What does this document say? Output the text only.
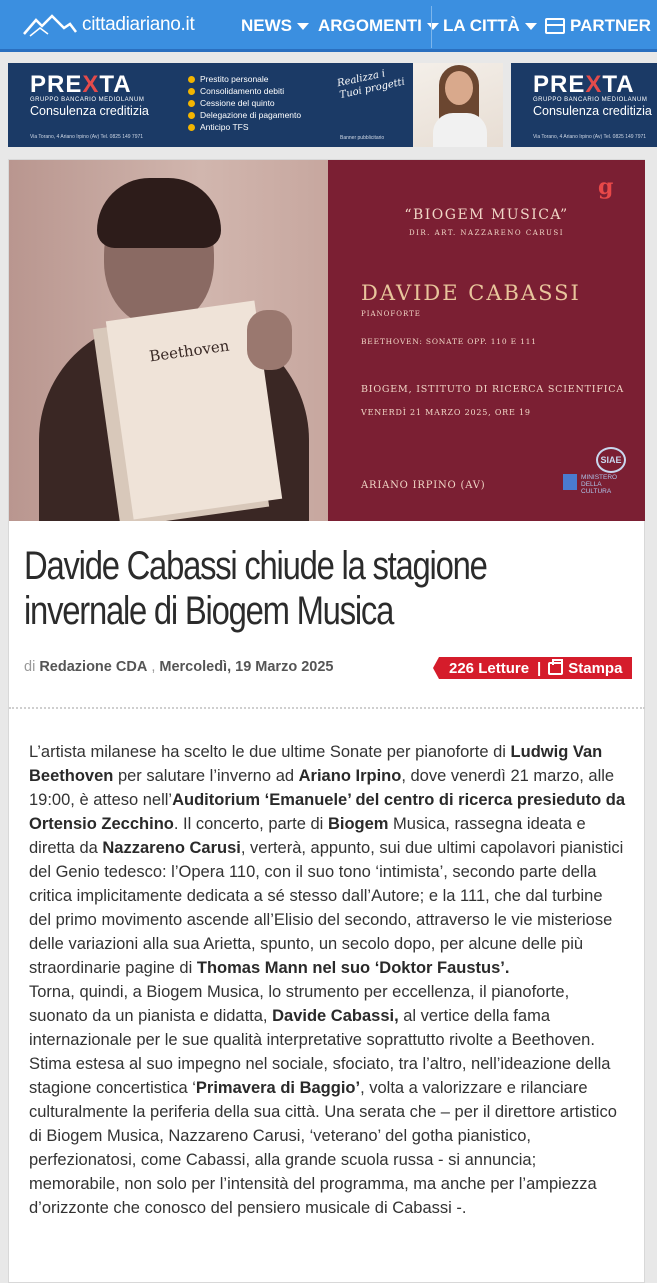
cittadiariano.it	NEWS ARGOMENTI LA CITTÀ	PARTNER
PREXTA
GRUPPO BANCARIO MEDIOLANUM
Consulenza creditizia
Via Torano, 4 Ariano Irpino (Av) Tel. 0825 149 7971
Prestito personale
Consolidamento debiti
Cessione del quinto
Delegazione di pagamento
Anticipo TFS
Realizza i Tuoi progetti
Banner pubblicitario
PREXTA
GRUPPO BANCARIO MEDIOLANUM
Consulenza creditizia
Via Torano, 4 Ariano Irpino (Av) Tel. 0825 149 7971
Beethoven
g
“BIOGEM MUSICA”
DIR. ART. NAZZARENO CARUSI
DAVIDE CABASSI
PIANOFORTE
BEETHOVEN: SONATE OPP. 110 E 111
BIOGEM, ISTITUTO DI RICERCA SCIENTIFICA
VENERDÌ 21 MARZO 2025, ORE 19
ARIANO IRPINO (AV)
SIAE
MINISTERO DELLA CULTURA
Davide Cabassi chiude la stagione
invernale di Biogem Musica
di Redazione CDA , Mercoledì, 19 Marzo 2025	226 Letture | Stampa

L’artista milanese ha scelto le due ultime Sonate per pianoforte di Ludwig Van Beethoven per salutare l’inverno ad Ariano Irpino, dove venerdì 21 marzo, alle 19:00, è atteso nell’Auditorium ‘Emanuele’ del centro di ricerca presieduto da Ortensio Zecchino. Il concerto, parte di Biogem Musica, rassegna ideata e diretta da Nazzareno Carusi, verterà, appunto, sui due ultimi capolavori pianistici del Genio tedesco: l’Opera 110, con il suo tono ‘intimista’, secondo parte della critica implicitamente dedicata a sé stesso dall’Autore; e la 111, che dal turbine del primo movimento ascende all’Elisio del secondo, attraverso le vie misteriose delle variazioni alla sua Arietta, spunto, un secolo dopo, per alcune delle più straordinarie pagine di Thomas Mann nel suo ‘Doktor Faustus’.

Torna, quindi, a Biogem Musica, lo strumento per eccellenza, il pianoforte, suonato da un pianista e didatta, Davide Cabassi, al vertice della fama internazionale per le sue qualità interpretative soprattutto rivolte a Beethoven. Stima estesa al suo impegno nel sociale, sfociato, tra l’altro, nell’ideazione della stagione concertistica ‘Primavera di Baggio’, volta a valorizzare e rilanciare culturalmente la periferia della sua città. Una serata che – per il direttore artistico di Biogem Musica, Nazzareno Carusi, ‘veterano’ del gotha pianistico, perfezionatosi, come Cabassi, alla grande scuola russa - si annuncia; memorabile, non solo per l’intensità del programma, ma anche per l’ampiezza d’orizzonte che conosco del pensiero musicale di Cabassi -.
